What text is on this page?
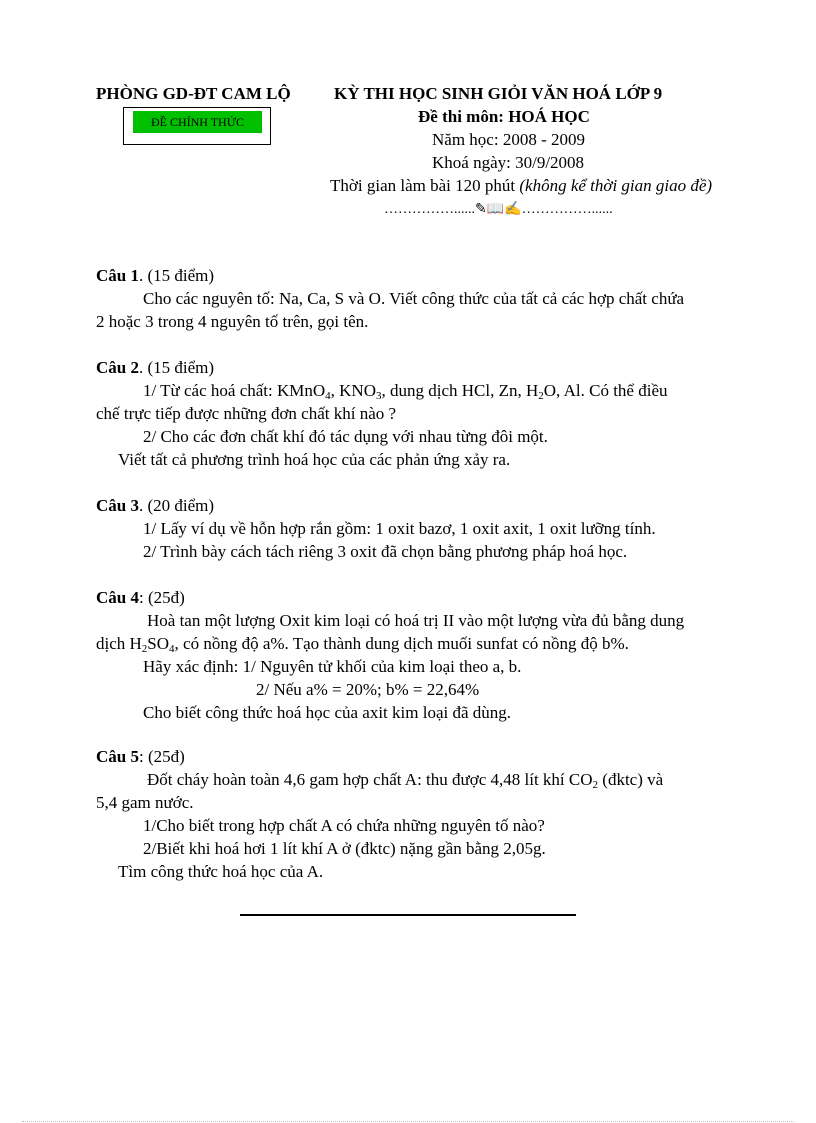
PHÒNG GD-ĐT CAM LỘ	KỲ THI HỌC SINH GIỎI VĂN HOÁ LỚP 9
ĐỀ CHÍNH THỨC	Đề thi môn: HOÁ HỌC
Năm học: 2008 - 2009
Khoá ngày: 30/9/2008
Thời gian làm bài 120 phút (không kể thời gian giao đề)
……………......✎📖✍……………......
Câu 1. (15 điểm)
Cho các nguyên tố: Na, Ca, S và O. Viết công thức của tất cả các hợp chất chứa
2 hoặc 3 trong 4 nguyên tố trên, gọi tên.
Câu 2. (15 điểm)
1/ Từ các hoá chất: KMnO$_4$, $KNO_3$, dung dịch HCl, Zn, $H_2O$, Al. Có thể điều
chế trực tiếp được những đơn chất khí nào ?
2/ Cho các đơn chất khí đó tác dụng với nhau từng đôi một.
Viết tất cả phương trình hoá học của các phản ứng xảy ra.
Câu 3. (20 điểm)
1/ Lấy ví dụ về hỗn hợp rắn gồm: 1 oxit bazơ, 1 oxit axit, 1 oxit lưỡng tính.
2/ Trình bày cách tách riêng 3 oxit đã chọn bằng phương pháp hoá học.
Câu 4: (25đ)
Hoà tan một lượng Oxit kim loại có hoá trị II vào một lượng vừa đủ bằng dung
dịch $H_2SO_4$, có nồng độ a%. Tạo thành dung dịch muối sunfat có nồng độ b%.
Hãy xác định: 1/ Nguyên tử khối của kim loại theo a, b.
2/ Nếu a% = 20%; b% = 22,64%
Cho biết công thức hoá học của axit kim loại đã dùng.
Câu 5: (25đ)
Đốt cháy hoàn toàn 4,6 gam hợp chất A: thu được 4,48 lít khí $CO_2$ (đktc) và
5,4 gam nước.
1/Cho biết trong hợp chất A có chứa những nguyên tố nào?
2/Biết khi hoá hơi 1 lít khí A ở (đktc) nặng gần bằng 2,05g.
Tìm công thức hoá học của A.
